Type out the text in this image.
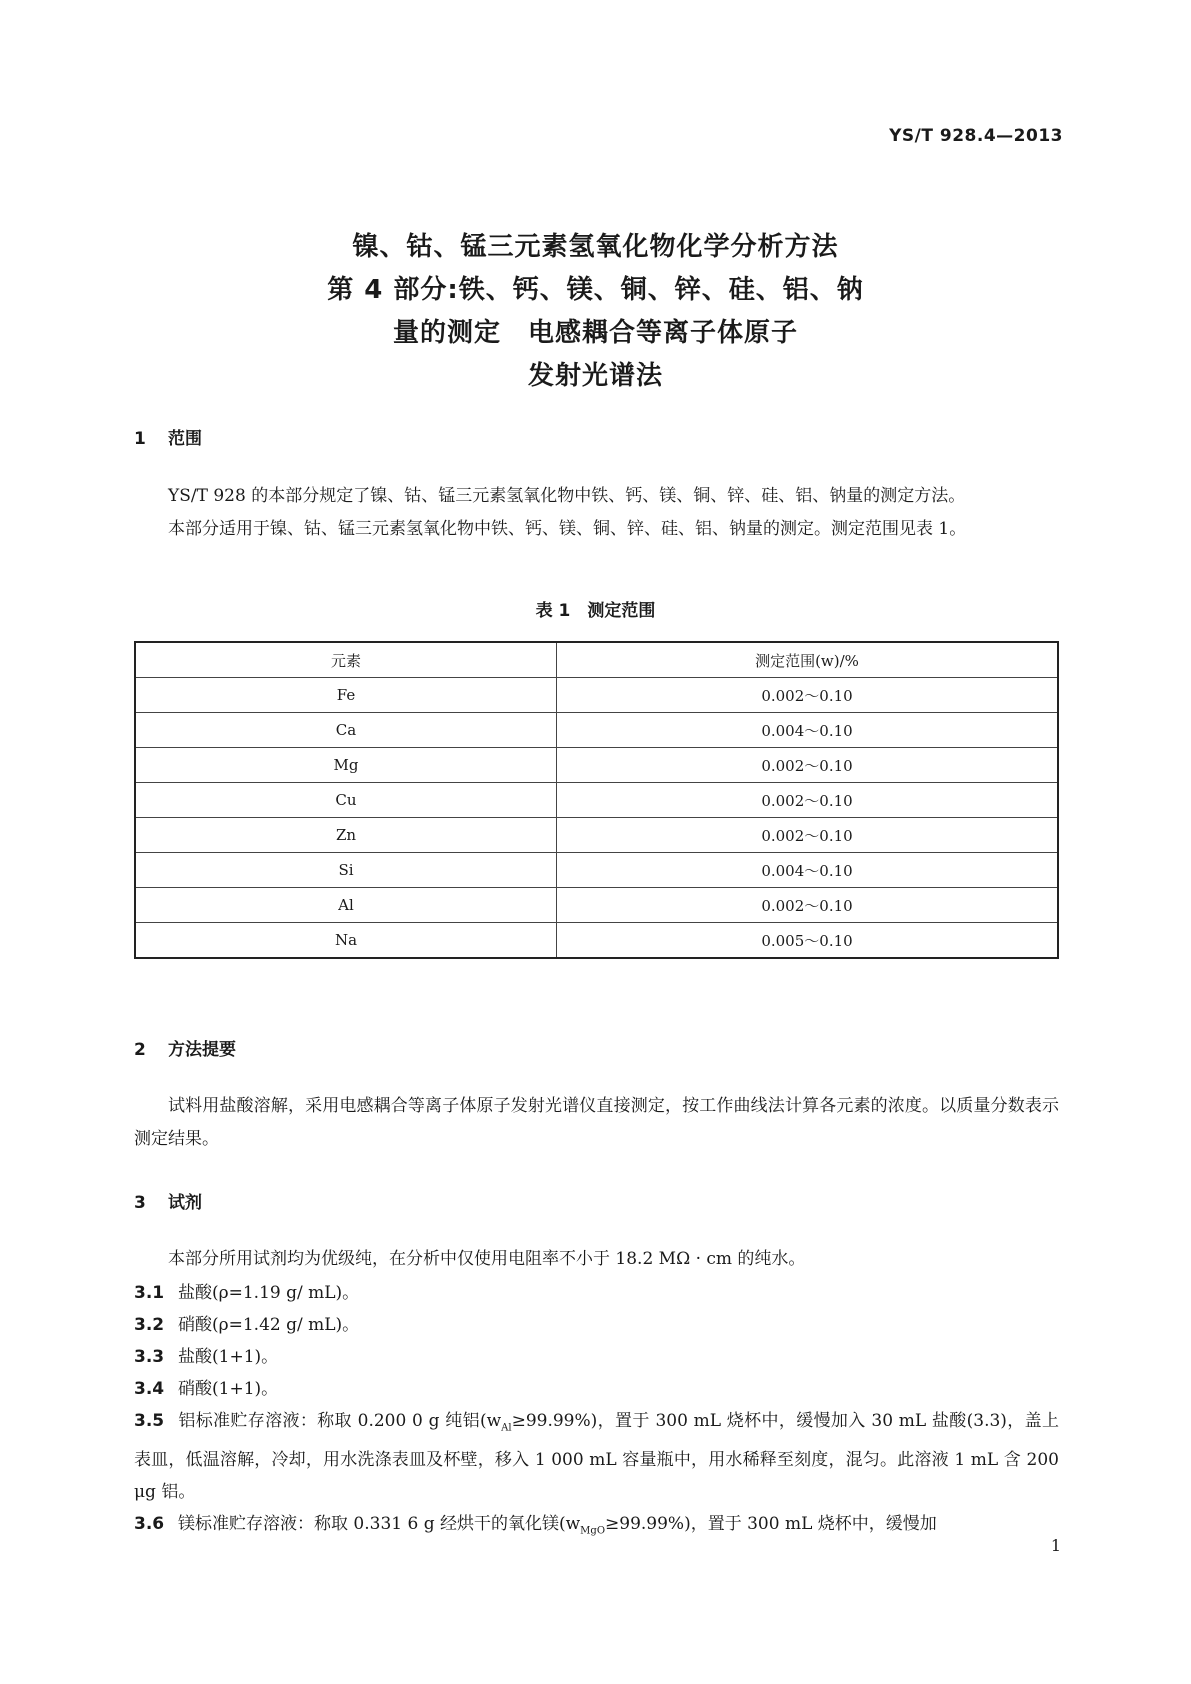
YS/T 928.4—2013
镍、钴、锰三元素氢氧化物化学分析方法
第 4 部分:铁、钙、镁、铜、锌、硅、铝、钠
量的测定　电感耦合等离子体原子
发射光谱法
1 范围
YS/T 928 的本部分规定了镍、钴、锰三元素氢氧化物中铁、钙、镁、铜、锌、硅、铝、钠量的测定方法。
本部分适用于镍、钴、锰三元素氢氧化物中铁、钙、镁、铜、锌、硅、铝、钠量的测定。测定范围见表 1。
表 1　测定范围
元素	测定范围(w)/%
Fe	0.002～0.10
Ca	0.004～0.10
Mg	0.002～0.10
Cu	0.002～0.10
Zn	0.002～0.10
Si	0.004～0.10
Al	0.002～0.10
Na	0.005～0.10
2 方法提要
试料用盐酸溶解，采用电感耦合等离子体原子发射光谱仪直接测定，按工作曲线法计算各元素的浓度。以质量分数表示测定结果。
3 试剂
本部分所用试剂均为优级纯，在分析中仅使用电阻率不小于 18.2 MΩ · cm 的纯水。
3.1 盐酸(ρ=1.19 g/ mL)。
3.2 硝酸(ρ=1.42 g/ mL)。
3.3 盐酸(1+1)。
3.4 硝酸(1+1)。
3.5 铝标准贮存溶液：称取 0.200 0 g 纯铝$(w_{Al}\ge 99.99\%)$，置于 300 mL 烧杯中，缓慢加入 30 mL 盐酸(3.3)，盖上表皿，低温溶解，冷却，用水洗涤表皿及杯壁，移入 1 000 mL 容量瓶中，用水稀释至刻度，混匀。此溶液 1 mL 含 200 μg 铝。
3.6 镁标准贮存溶液：称取 0.331 6 g 经烘干的氧化镁$(w_{MgO}\ge 99.99\%)$，置于 300 mL 烧杯中，缓慢加
1
